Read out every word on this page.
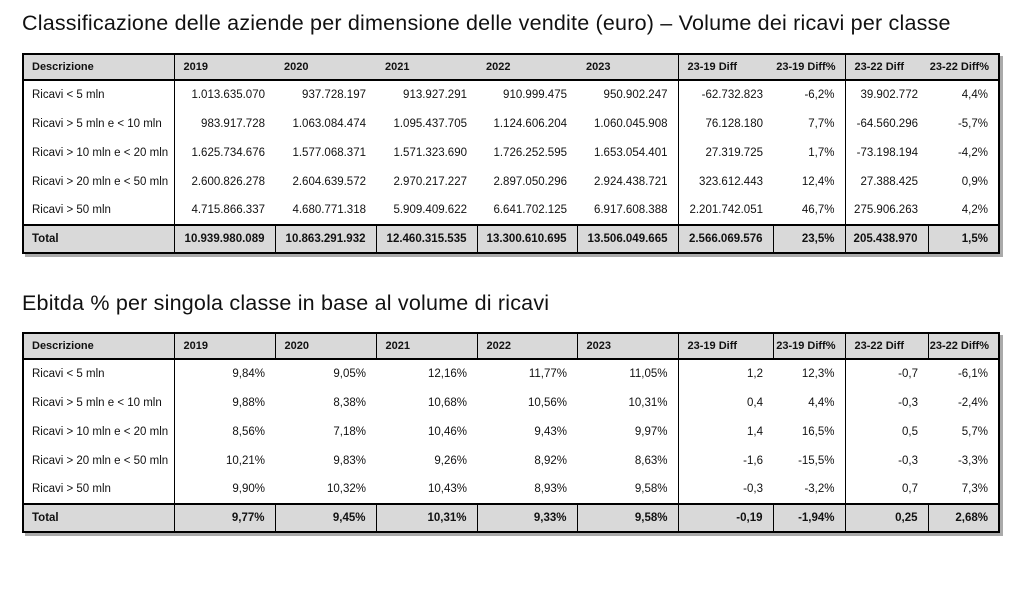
Classificazione delle aziende per dimensione delle vendite (euro) – Volume dei ricavi per classe
Descrizione	2019	2020	2021	2022	2023	23-19 Diff	23-19 Diff%	23-22 Diff	23-22 Diff%
Ricavi < 5 mln	1.013.635.070	937.728.197	913.927.291	910.999.475	950.902.247	-62.732.823	-6,2%	39.902.772	4,4%
Ricavi > 5 mln e < 10 mln	983.917.728	1.063.084.474	1.095.437.705	1.124.606.204	1.060.045.908	76.128.180	7,7%	-64.560.296	-5,7%
Ricavi > 10 mln e < 20 mln	1.625.734.676	1.577.068.371	1.571.323.690	1.726.252.595	1.653.054.401	27.319.725	1,7%	-73.198.194	-4,2%
Ricavi > 20 mln e < 50 mln	2.600.826.278	2.604.639.572	2.970.217.227	2.897.050.296	2.924.438.721	323.612.443	12,4%	27.388.425	0,9%
Ricavi > 50 mln	4.715.866.337	4.680.771.318	5.909.409.622	6.641.702.125	6.917.608.388	2.201.742.051	46,7%	275.906.263	4,2%
Total	10.939.980.089	10.863.291.932	12.460.315.535	13.300.610.695	13.506.049.665	2.566.069.576	23,5%	205.438.970	1,5%
Ebitda % per singola classe in base al volume di ricavi
Descrizione	2019	2020	2021	2022	2023	23-19 Diff	23-19 Diff%	23-22 Diff	23-22 Diff%
Ricavi < 5 mln	9,84%	9,05%	12,16%	11,77%	11,05%	1,2	12,3%	-0,7	-6,1%
Ricavi > 5 mln e < 10 mln	9,88%	8,38%	10,68%	10,56%	10,31%	0,4	4,4%	-0,3	-2,4%
Ricavi > 10 mln e < 20 mln	8,56%	7,18%	10,46%	9,43%	9,97%	1,4	16,5%	0,5	5,7%
Ricavi > 20 mln e < 50 mln	10,21%	9,83%	9,26%	8,92%	8,63%	-1,6	-15,5%	-0,3	-3,3%
Ricavi > 50 mln	9,90%	10,32%	10,43%	8,93%	9,58%	-0,3	-3,2%	0,7	7,3%
Total	9,77%	9,45%	10,31%	9,33%	9,58%	-0,19	-1,94%	0,25	2,68%
